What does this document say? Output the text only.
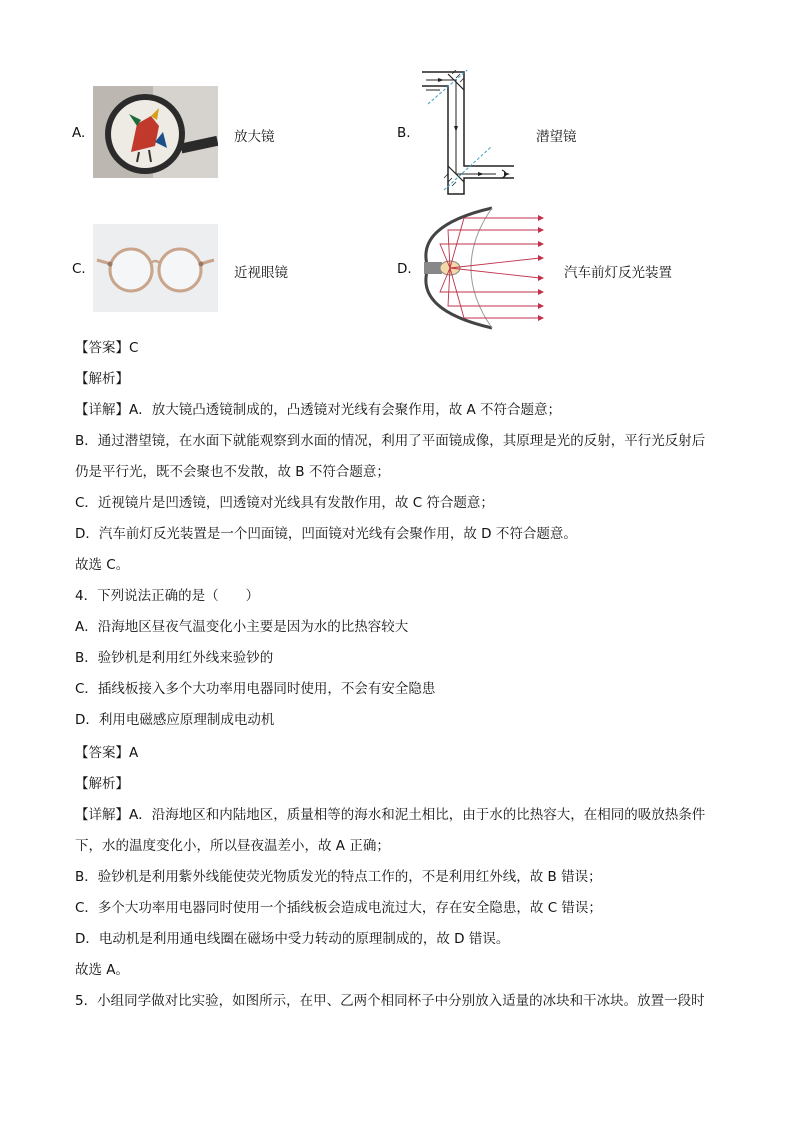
A.	放大镜	B.	潜望镜
C.	近视眼镜	D.	汽车前灯反光装置
【答案】C
【解析】
【详解】A．放大镜凸透镜制成的，凸透镜对光线有会聚作用，故 A 不符合题意；
B．通过潜望镜，在水面下就能观察到水面的情况，利用了平面镜成像，其原理是光的反射，平行光反射后
仍是平行光，既不会聚也不发散，故 B 不符合题意；
C．近视镜片是凹透镜，凹透镜对光线具有发散作用，故 C 符合题意；
D．汽车前灯反光装置是一个凹面镜，凹面镜对光线有会聚作用，故 D 不符合题意。
故选 C。
4．下列说法正确的是（　　）
A．沿海地区昼夜气温变化小主要是因为水的比热容较大
B．验钞机是利用红外线来验钞的
C．插线板接入多个大功率用电器同时使用，不会有安全隐患
D．利用电磁感应原理制成电动机
【答案】A
【解析】
【详解】A．沿海地区和内陆地区，质量相等的海水和泥土相比，由于水的比热容大，在相同的吸放热条件
下，水的温度变化小，所以昼夜温差小，故 A 正确；
B．验钞机是利用紫外线能使荧光物质发光的特点工作的，不是利用红外线，故 B 错误；
C．多个大功率用电器同时使用一个插线板会造成电流过大，存在安全隐患，故 C 错误；
D．电动机是利用通电线圈在磁场中受力转动的原理制成的，故 D 错误。
故选 A。
5．小组同学做对比实验，如图所示，在甲、乙两个相同杯子中分别放入适量的冰块和干冰块。放置一段时
